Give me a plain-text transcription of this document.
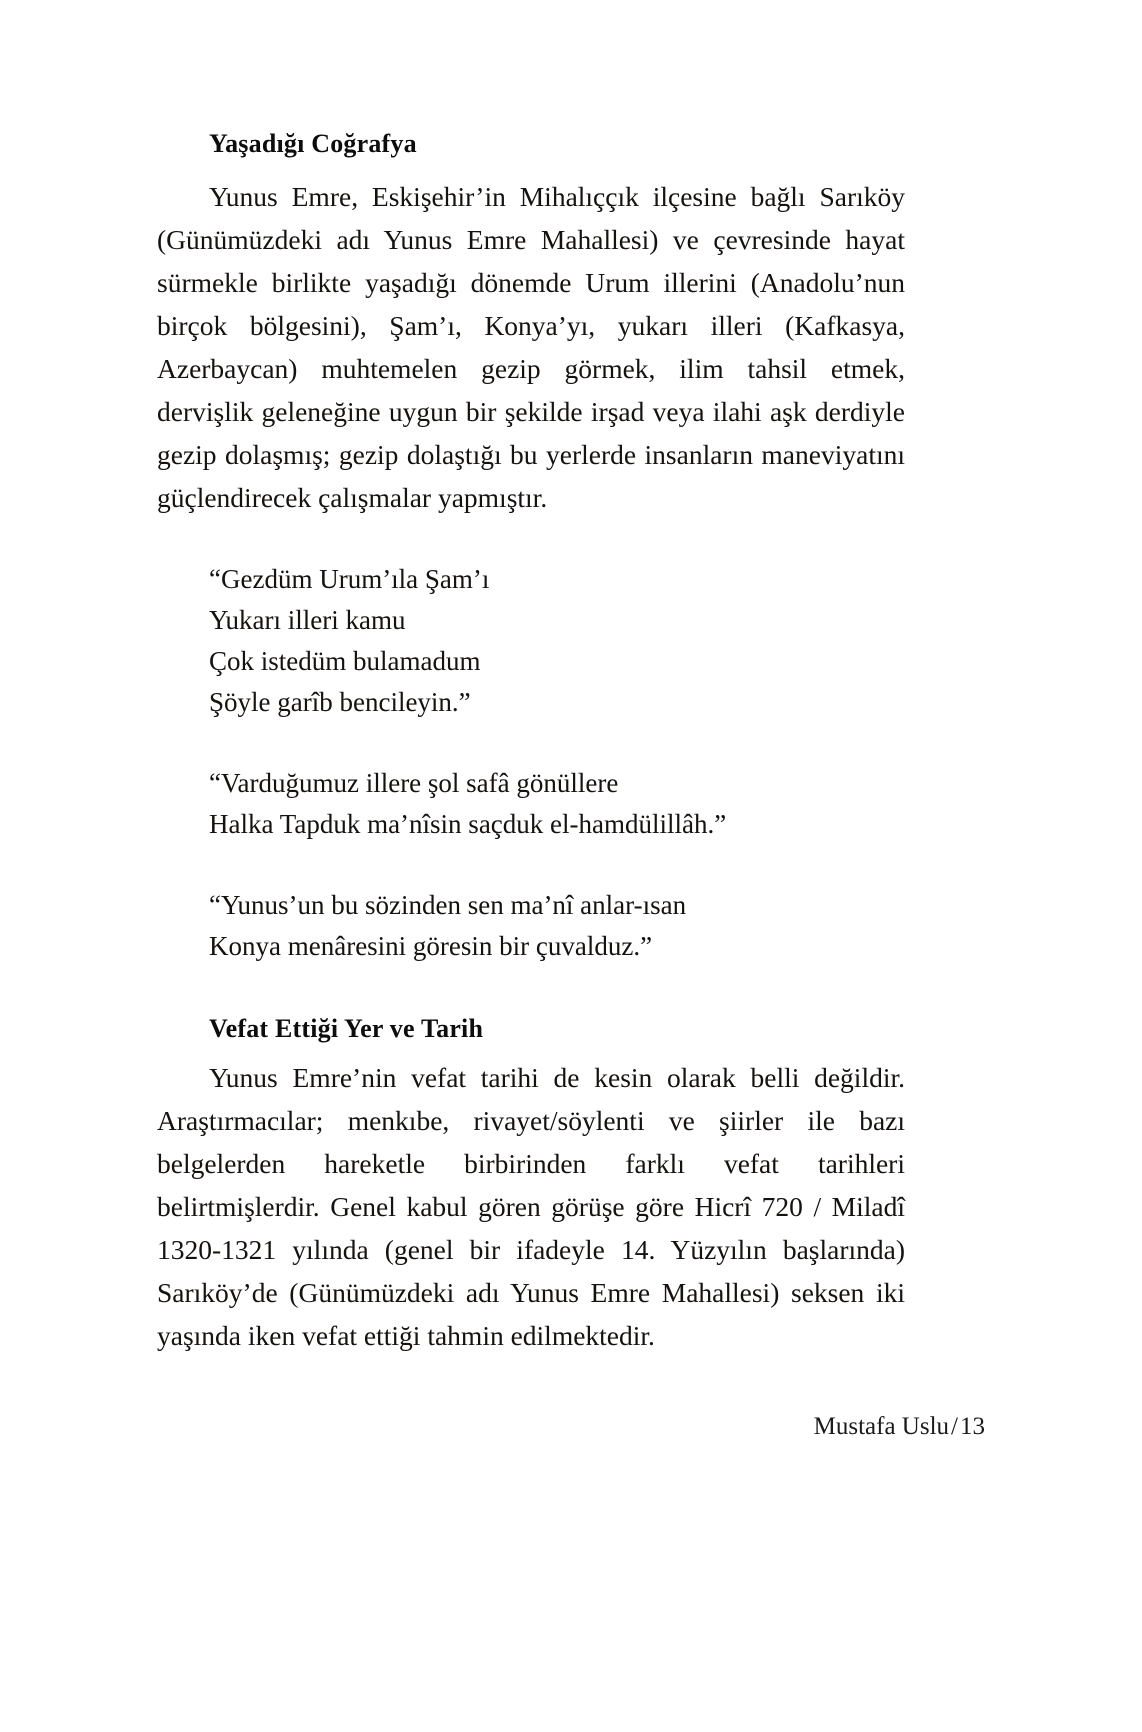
Yaşadığı Coğrafya

Yunus Emre, Eskişehir’in Mihalıççık ilçesine bağlı Sarıköy (Günümüzdeki adı Yunus Emre Mahallesi) ve çevresinde hayat sürmekle birlikte yaşadığı dönemde Urum illerini (Anadolu’nun birçok bölgesini), Şam’ı, Konya’yı, yukarı illeri (Kafkasya, Azerbaycan) muhtemelen gezip görmek, ilim tahsil etmek, dervişlik geleneğine uygun bir şekilde irşad veya ilahi aşk derdiyle gezip dolaşmış; gezip dolaştığı bu yerlerde insanların maneviyatını güçlendirecek çalışmalar yapmıştır.

“Gezdüm Urum’ıla Şam’ı
Yukarı illeri kamu
Çok istedüm bulamadum
Şöyle garîb bencileyin.”
“Varduğumuz illere şol safâ gönüllere
Halka Tapduk ma’nîsin saçduk el-hamdülillâh.”
“Yunus’un bu sözinden sen ma’nî anlar-ısan
Konya menâresini göresin bir çuvalduz.”
Vefat Ettiği Yer ve Tarih

Yunus Emre’nin vefat tarihi de kesin olarak belli değildir. Araştırmacılar; menkıbe, rivayet/söylenti ve şiirler ile bazı belgelerden hareketle birbirinden farklı vefat tarihleri belirtmişlerdir. Genel kabul gören görüşe göre Hicrî 720 / Miladî 1320-1321 yılında (genel bir ifadeyle 14. Yüzyılın başlarında) Sarıköy’de (Günümüzdeki adı Yunus Emre Mahallesi) seksen iki yaşında iken vefat ettiği tahmin edilmektedir.

Mustafa Uslu/13
